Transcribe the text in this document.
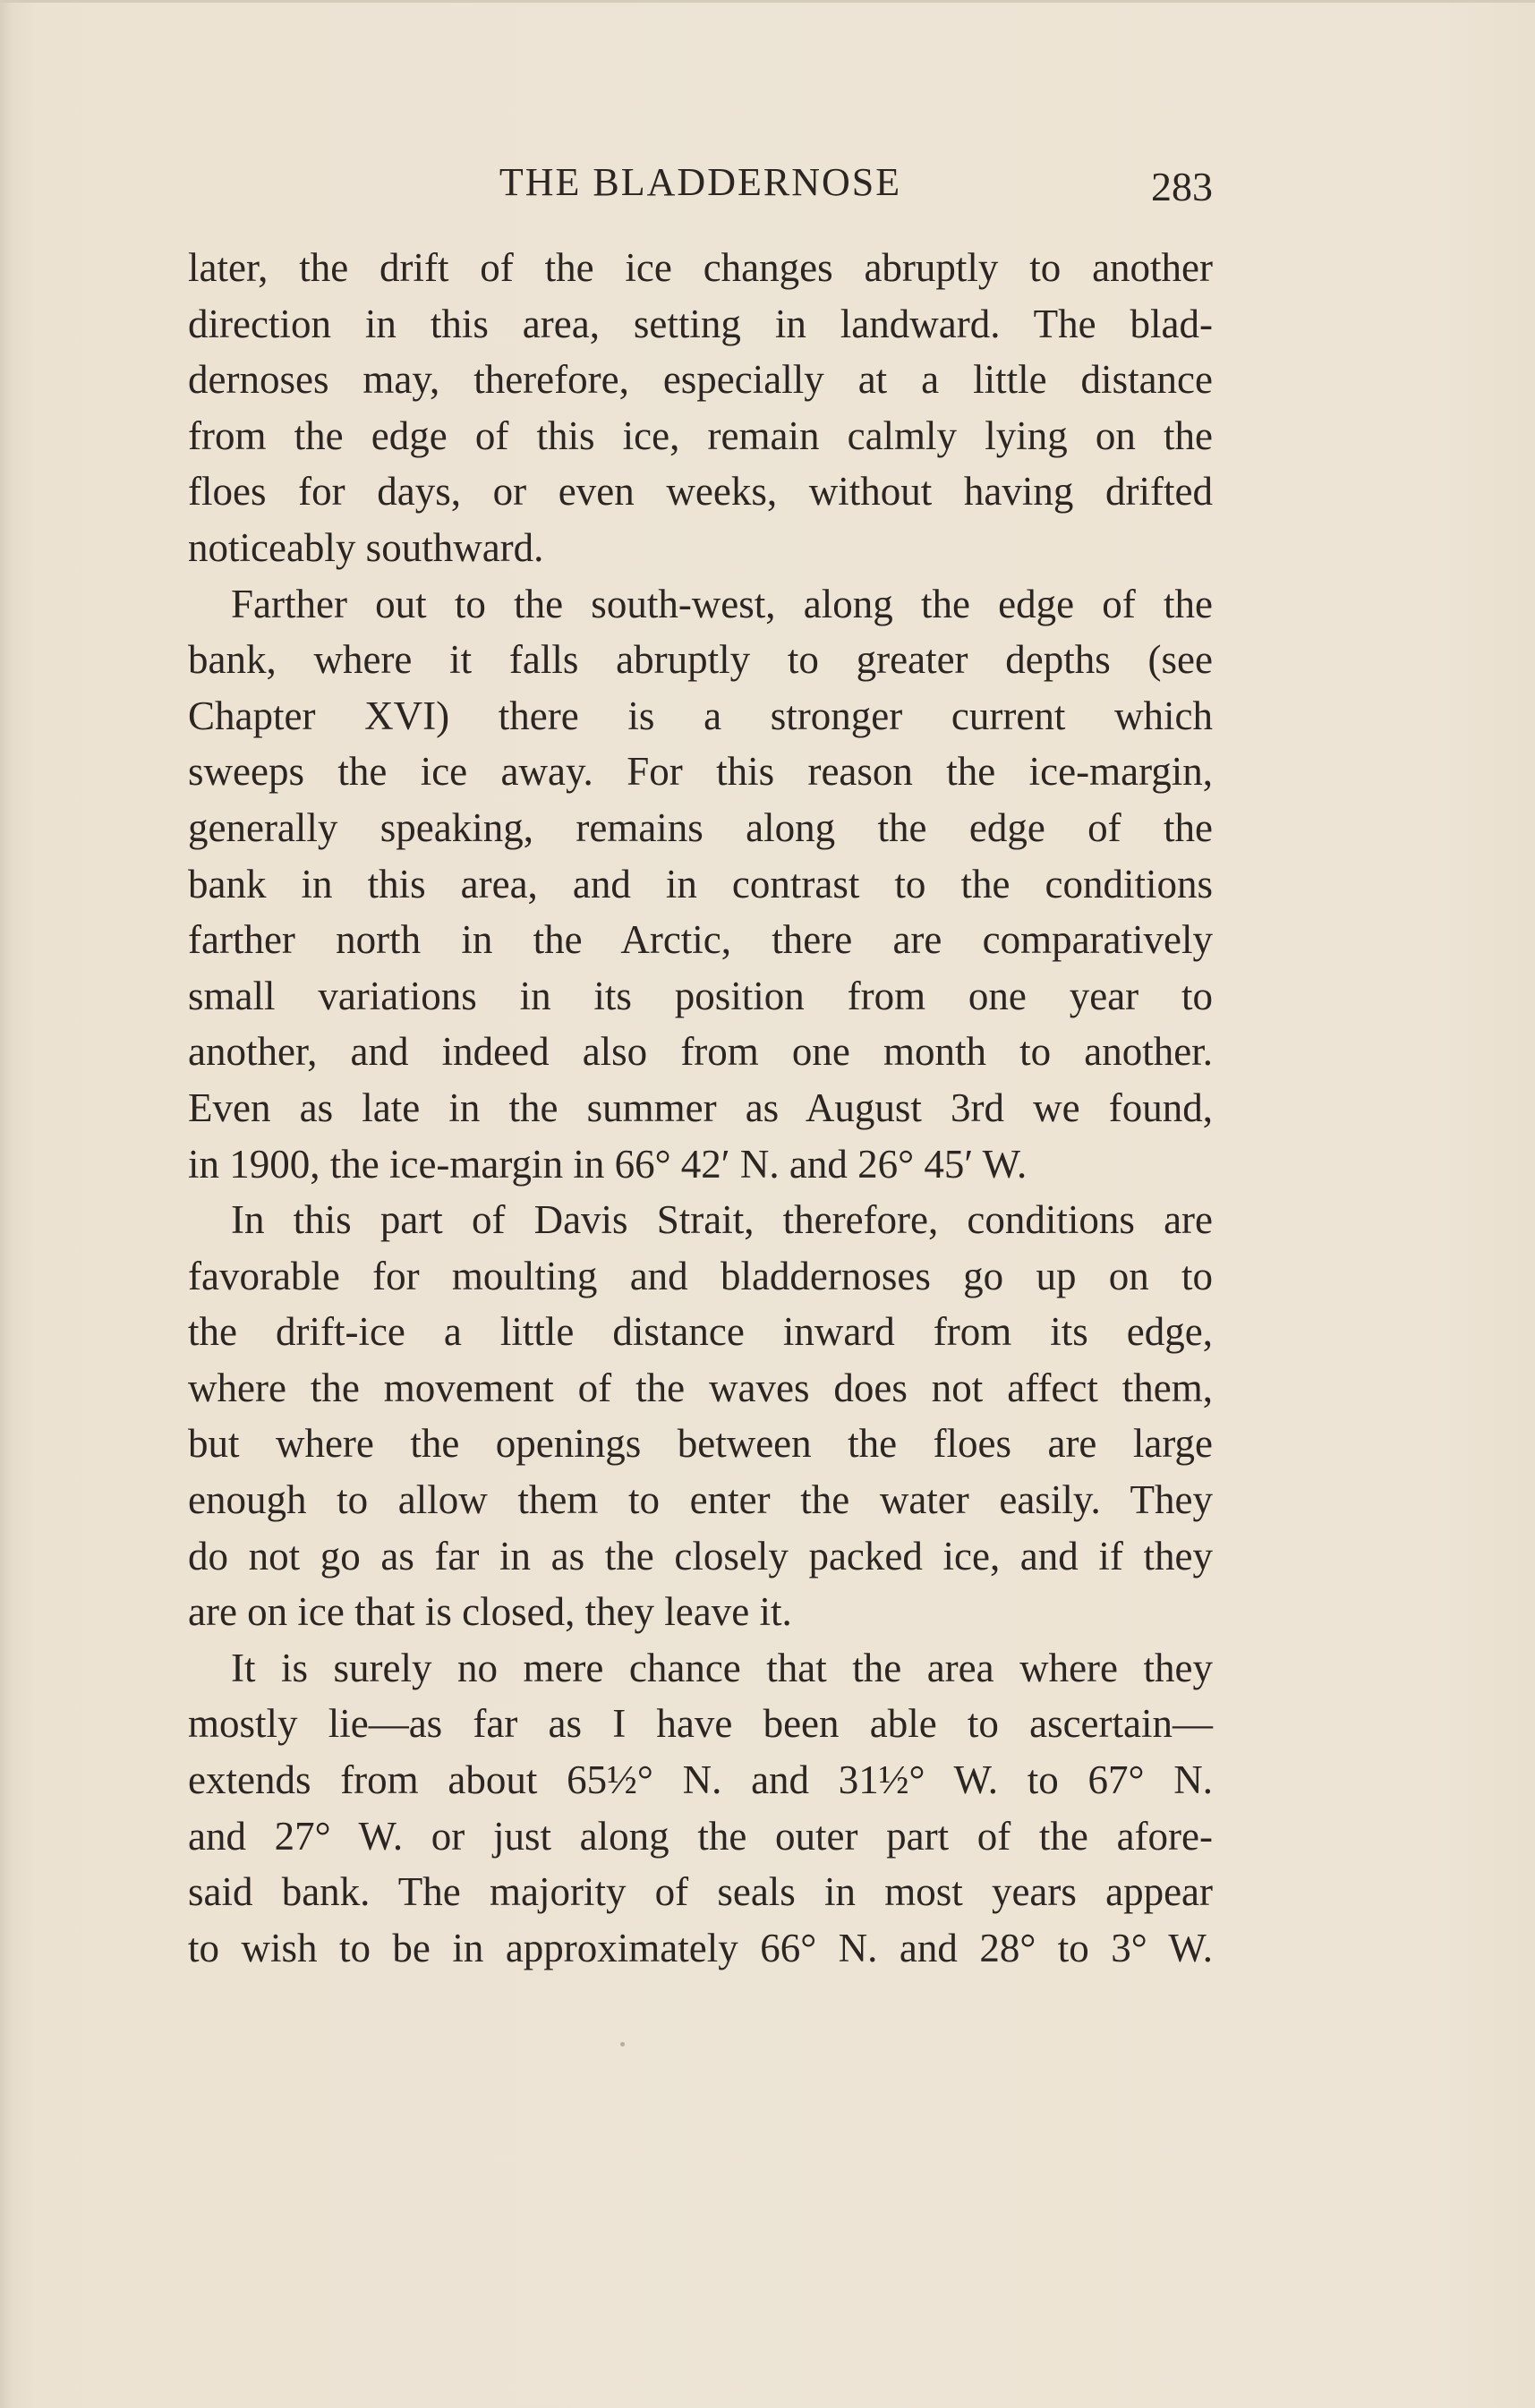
THE BLADDERNOSE	283
later, the drift of the ice changes abruptly to another
direction in this area, setting in landward. The blad-
dernoses may, therefore, especially at a little distance
from the edge of this ice, remain calmly lying on the
floes for days, or even weeks, without having drifted
noticeably southward.
Farther out to the south-west, along the edge of the
bank, where it falls abruptly to greater depths (see
Chapter XVI) there is a stronger current which
sweeps the ice away. For this reason the ice-margin,
generally speaking, remains along the edge of the
bank in this area, and in contrast to the conditions
farther north in the Arctic, there are comparatively
small variations in its position from one year to
another, and indeed also from one month to another.
Even as late in the summer as August 3rd we found,
in 1900, the ice-margin in 66° 42′ N. and 26° 45′ W.
In this part of Davis Strait, therefore, conditions are
favorable for moulting and bladdernoses go up on to
the drift-ice a little distance inward from its edge,
where the movement of the waves does not affect them,
but where the openings between the floes are large
enough to allow them to enter the water easily. They
do not go as far in as the closely packed ice, and if they
are on ice that is closed, they leave it.
It is surely no mere chance that the area where they
mostly lie—as far as I have been able to ascertain—
extends from about 65½° N. and 31½° W. to 67° N.
and 27° W. or just along the outer part of the afore-
said bank. The majority of seals in most years appear
to wish to be in approximately 66° N. and 28° to 3° W.
